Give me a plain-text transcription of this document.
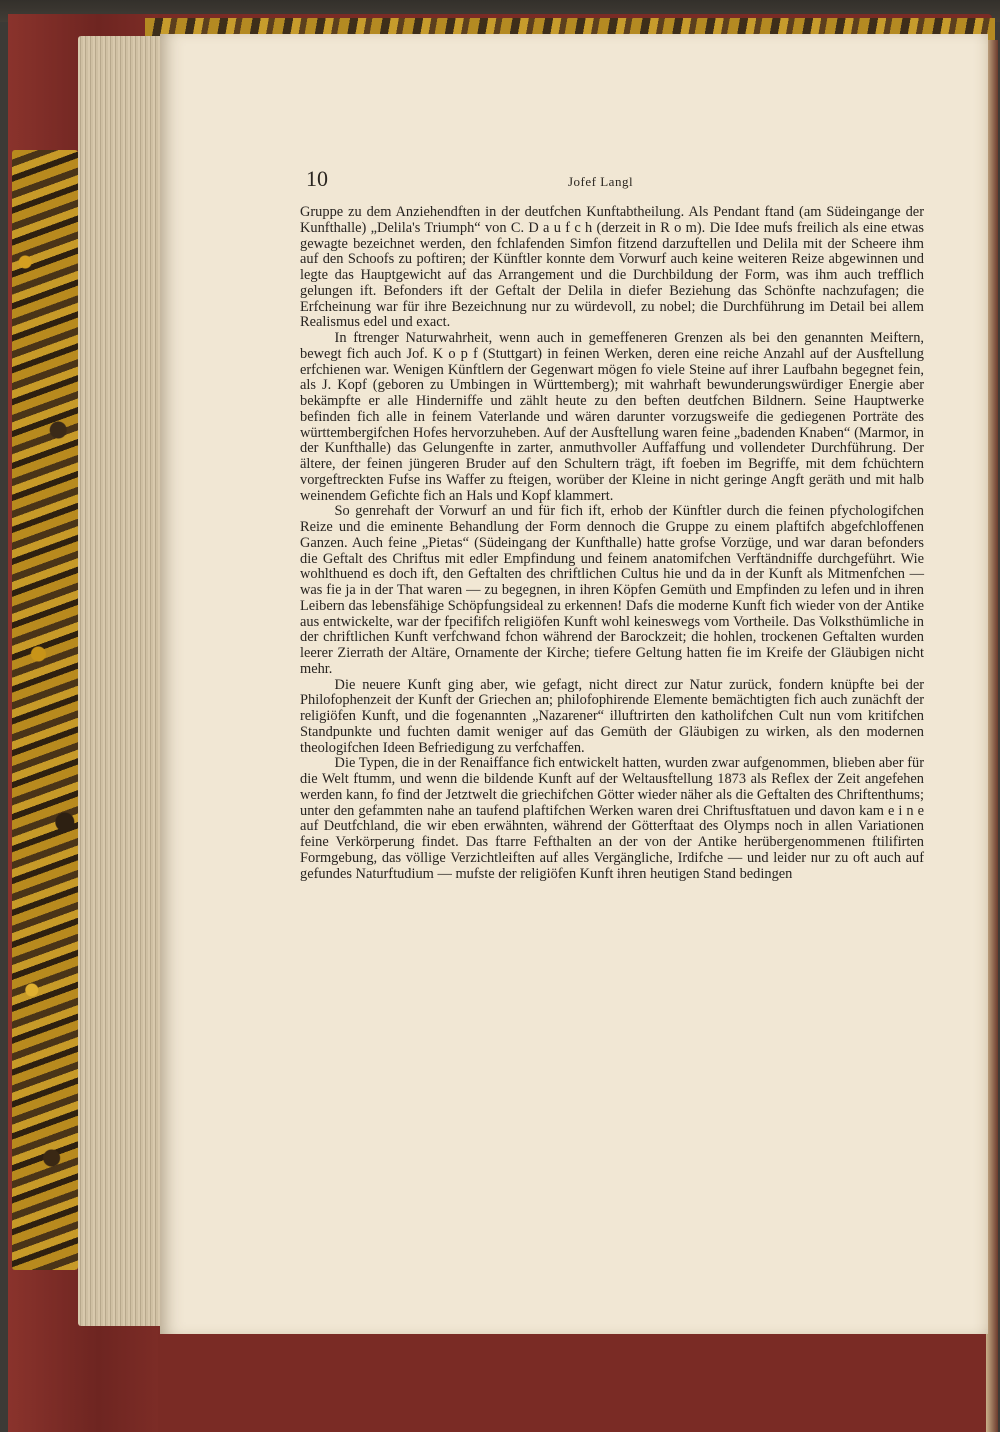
10	Jofef Langl

Gruppe zu dem Anziehendften in der deutfchen Kunftabtheilung. Als Pendant ftand (am Südeingange der Kunfthalle) „Delila's Triumph“ von C. D a u f c h (derzeit in R o m). Die Idee mufs freilich als eine etwas gewagte bezeichnet werden, den fchlafenden Simfon fitzend darzuftellen und Delila mit der Scheere ihm auf den Schoofs zu poftiren; der Künftler konnte dem Vorwurf auch keine weiteren Reize abgewinnen und legte das Hauptgewicht auf das Arrangement und die Durchbildung der Form, was ihm auch trefflich gelungen ift. Befonders ift der Geftalt der Delila in diefer Beziehung das Schönfte nachzufagen; die Erfcheinung war für ihre Bezeichnung nur zu würdevoll, zu nobel; die Durchführung im Detail bei allem Realismus edel und exact.

In ftrenger Naturwahrheit, wenn auch in gemeffeneren Grenzen als bei den genannten Meiftern, bewegt fich auch Jof. K o p f (Stuttgart) in feinen Werken, deren eine reiche Anzahl auf der Ausftellung erfchienen war. Wenigen Künftlern der Gegenwart mögen fo viele Steine auf ihrer Laufbahn begegnet fein, als J. Kopf (geboren zu Umbingen in Württemberg); mit wahrhaft bewunderungswürdiger Energie aber bekämpfte er alle Hinderniffe und zählt heute zu den beften deutfchen Bildnern. Seine Hauptwerke befinden fich alle in feinem Vaterlande und wären darunter vorzugsweife die gediegenen Porträte des württembergifchen Hofes hervorzuheben. Auf der Ausftellung waren feine „badenden Knaben“ (Marmor, in der Kunfthalle) das Gelungenfte in zarter, anmuthvoller Auffaffung und vollendeter Durchführung. Der ältere, der feinen jüngeren Bruder auf den Schultern trägt, ift foeben im Begriffe, mit dem fchüchtern vorgeftreckten Fufse ins Waffer zu fteigen, worüber der Kleine in nicht geringe Angft geräth und mit halb weinendem Gefichte fich an Hals und Kopf klammert.

So genrehaft der Vorwurf an und für fich ift, erhob der Künftler durch die feinen pfychologifchen Reize und die eminente Behandlung der Form dennoch die Gruppe zu einem plaftifch abgefchloffenen Ganzen. Auch feine „Pietas“ (Südeingang der Kunfthalle) hatte grofse Vorzüge, und war daran befonders die Geftalt des Chriftus mit edler Empfindung und feinem anatomifchen Verftändniffe durchgeführt. Wie wohlthuend es doch ift, den Geftalten des chriftlichen Cultus hie und da in der Kunft als Mitmenfchen — was fie ja in der That waren — zu begegnen, in ihren Köpfen Gemüth und Empfinden zu lefen und in ihren Leibern das lebensfähige Schöpfungsideal zu erkennen! Dafs die moderne Kunft fich wieder von der Antike aus entwickelte, war der fpecififch religiöfen Kunft wohl keineswegs vom Vortheile. Das Volksthümliche in der chriftlichen Kunft verfchwand fchon während der Barockzeit; die hohlen, trockenen Geftalten wurden leerer Zierrath der Altäre, Ornamente der Kirche; tiefere Geltung hatten fie im Kreife der Gläubigen nicht mehr.

Die neuere Kunft ging aber, wie gefagt, nicht direct zur Natur zurück, fondern knüpfte bei der Philofophenzeit der Kunft der Griechen an; philofophirende Elemente bemächtigten fich auch zunächft der religiöfen Kunft, und die fogenannten „Nazarener“ illuftrirten den katholifchen Cult nun vom kritifchen Standpunkte und fuchten damit weniger auf das Gemüth der Gläubigen zu wirken, als den modernen theologifchen Ideen Befriedigung zu verfchaffen.

Die Typen, die in der Renaiffance fich entwickelt hatten, wurden zwar aufgenommen, blieben aber für die Welt ftumm, und wenn die bildende Kunft auf der Weltausftellung 1873 als Reflex der Zeit angefehen werden kann, fo find der Jetztwelt die griechifchen Götter wieder näher als die Geftalten des Chriftenthums; unter den gefammten nahe an taufend plaftifchen Werken waren drei Chriftusftatuen und davon kam e i n e auf Deutfchland, die wir eben erwähnten, während der Götterftaat des Olymps noch in allen Variationen feine Verkörperung findet. Das ftarre Fefthalten an der von der Antike herübergenommenen ftilifirten Formgebung, das völlige Verzichtleiften auf alles Vergängliche, Irdifche — und leider nur zu oft auch auf gefundes Naturftudium — mufste der religiöfen Kunft ihren heutigen Stand bedingen
